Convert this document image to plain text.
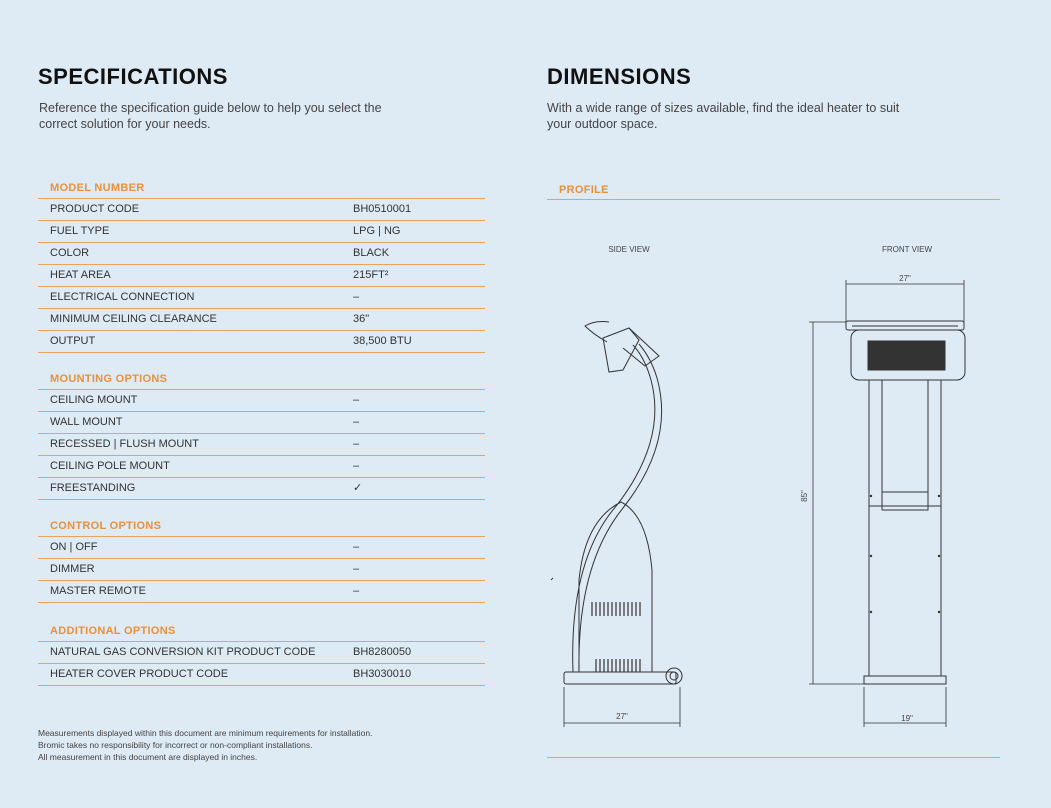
SPECIFICATIONS

Reference the specification guide below to help you select the
correct solution for your needs.

MODEL NUMBER
PRODUCT CODE	BH0510001
FUEL TYPE	LPG | NG
COLOR	BLACK
HEAT AREA	215FT²
ELECTRICAL CONNECTION	–
MINIMUM CEILING CLEARANCE	36"
OUTPUT	38,500 BTU
MOUNTING OPTIONS
CEILING MOUNT	–
WALL MOUNT	–
RECESSED | FLUSH MOUNT	–
CEILING POLE MOUNT	–
FREESTANDING	✓
CONTROL OPTIONS
ON | OFF	–
DIMMER	–
MASTER REMOTE	–
ADDITIONAL OPTIONS
NATURAL GAS CONVERSION KIT PRODUCT CODE	BH8280050
HEATER COVER PRODUCT CODE	BH3030010
Measurements displayed within this document are minimum requirements for installation.
Bromic takes no responsibility for incorrect or non-compliant installations.
All measurement in this document are displayed in inches.
DIMENSIONS

With a wide range of sizes available, find the ideal heater to suit
your outdoor space.

PROFILE
SIDE VIEW	FRONT VIEW
27"
27"
85"
19"
